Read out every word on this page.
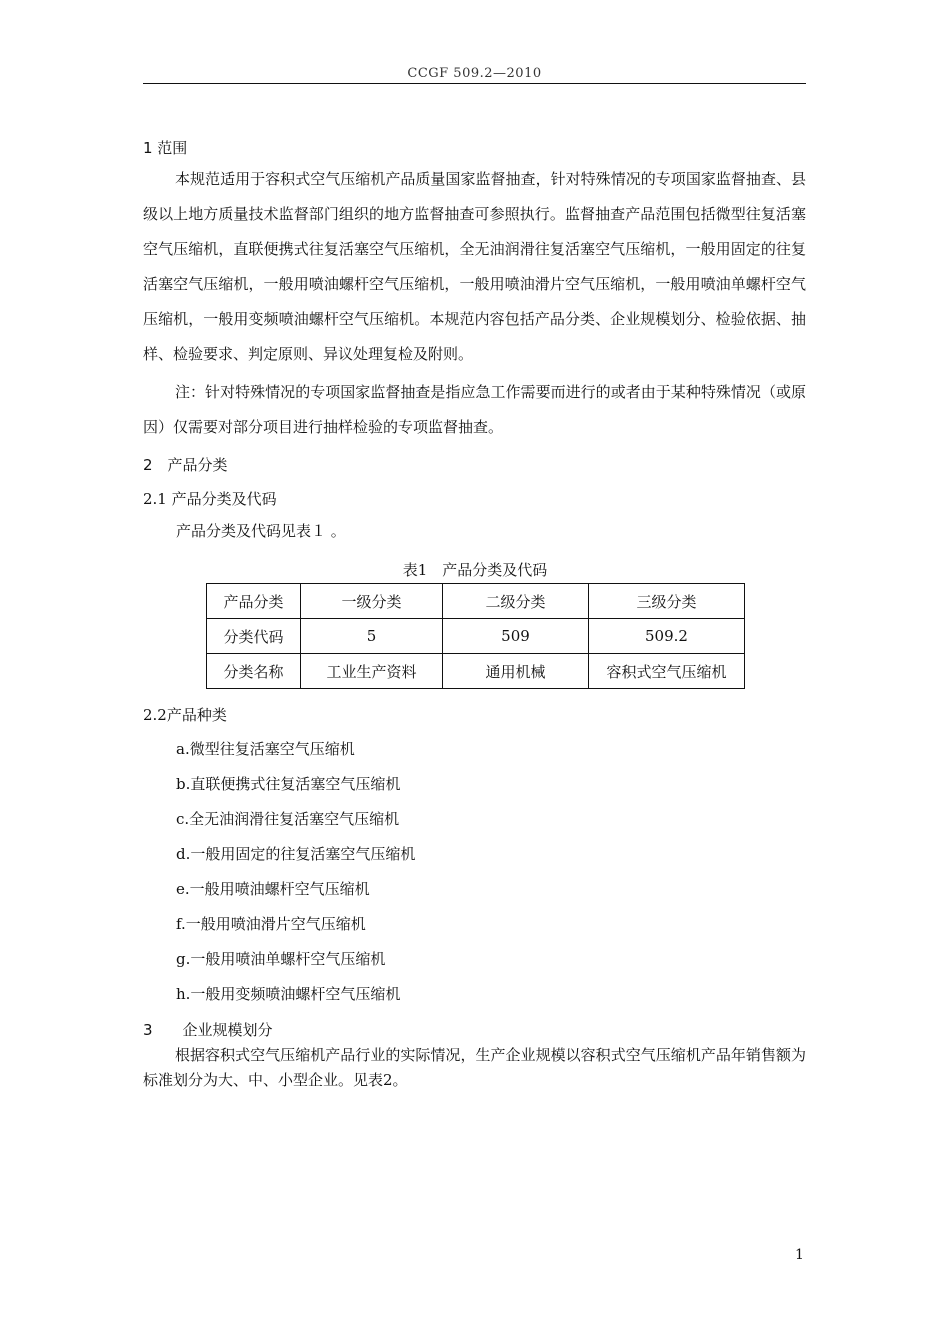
CCGF 509.2—2010
1 范围
本规范适用于容积式空气压缩机产品质量国家监督抽查，针对特殊情况的专项国家监督抽查、县级以上地方质量技术监督部门组织的地方监督抽查可参照执行。监督抽查产品范围包括微型往复活塞空气压缩机，直联便携式往复活塞空气压缩机，全无油润滑往复活塞空气压缩机，一般用固定的往复活塞空气压缩机，一般用喷油螺杆空气压缩机，一般用喷油滑片空气压缩机，一般用喷油单螺杆空气压缩机，一般用变频喷油螺杆空气压缩机。本规范内容包括产品分类、企业规模划分、检验依据、抽样、检验要求、判定原则、异议处理复检及附则。
注：针对特殊情况的专项国家监督抽查是指应急工作需要而进行的或者由于某种特殊情况（或原因）仅需要对部分项目进行抽样检验的专项监督抽查。
2　产品分类
2.1 产品分类及代码
产品分类及代码见表１ 。
表1　产品分类及代码
产品分类	一级分类	二级分类	三级分类
分类代码	5	509	509.2
分类名称	工业生产资料	通用机械	容积式空气压缩机
2.2产品种类
a.微型往复活塞空气压缩机
b.直联便携式往复活塞空气压缩机
c.全无油润滑往复活塞空气压缩机
d.一般用固定的往复活塞空气压缩机
e.一般用喷油螺杆空气压缩机
f.一般用喷油滑片空气压缩机
g.一般用喷油单螺杆空气压缩机
h.一般用变频喷油螺杆空气压缩机
3　　企业规模划分
根据容积式空气压缩机产品行业的实际情况，生产企业规模以容积式空气压缩机产品年销售额为标准划分为大、中、小型企业。见表2。
1
